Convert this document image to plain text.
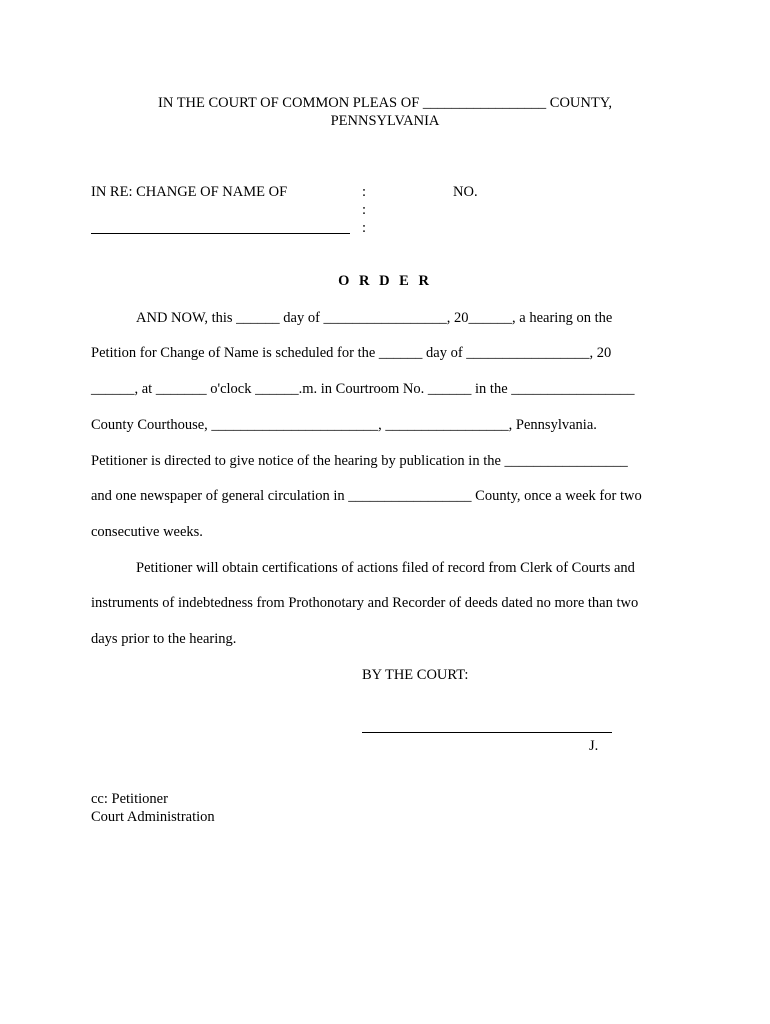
IN THE COURT OF COMMON PLEAS OF _________________ COUNTY,
PENNSYLVANIA
IN RE: CHANGE OF NAME OF	:	NO.
:
:
O R D E R
AND NOW, this ______ day of _________________, 20______, a hearing on the
Petition for Change of Name is scheduled for the ______ day of _________________, 20
______, at _______ o'clock ______.m. in Courtroom No. ______ in the _________________
County Courthouse, _______________________, _________________, Pennsylvania.
Petitioner is directed to give notice of the hearing by publication in the _________________
and one newspaper of general circulation in _________________ County, once a week for two
consecutive weeks.
Petitioner will obtain certifications of actions filed of record from Clerk of Courts and
instruments of indebtedness from Prothonotary and Recorder of deeds dated no more than two
days prior to the hearing.
BY THE COURT:
J.
cc: Petitioner
Court Administration
